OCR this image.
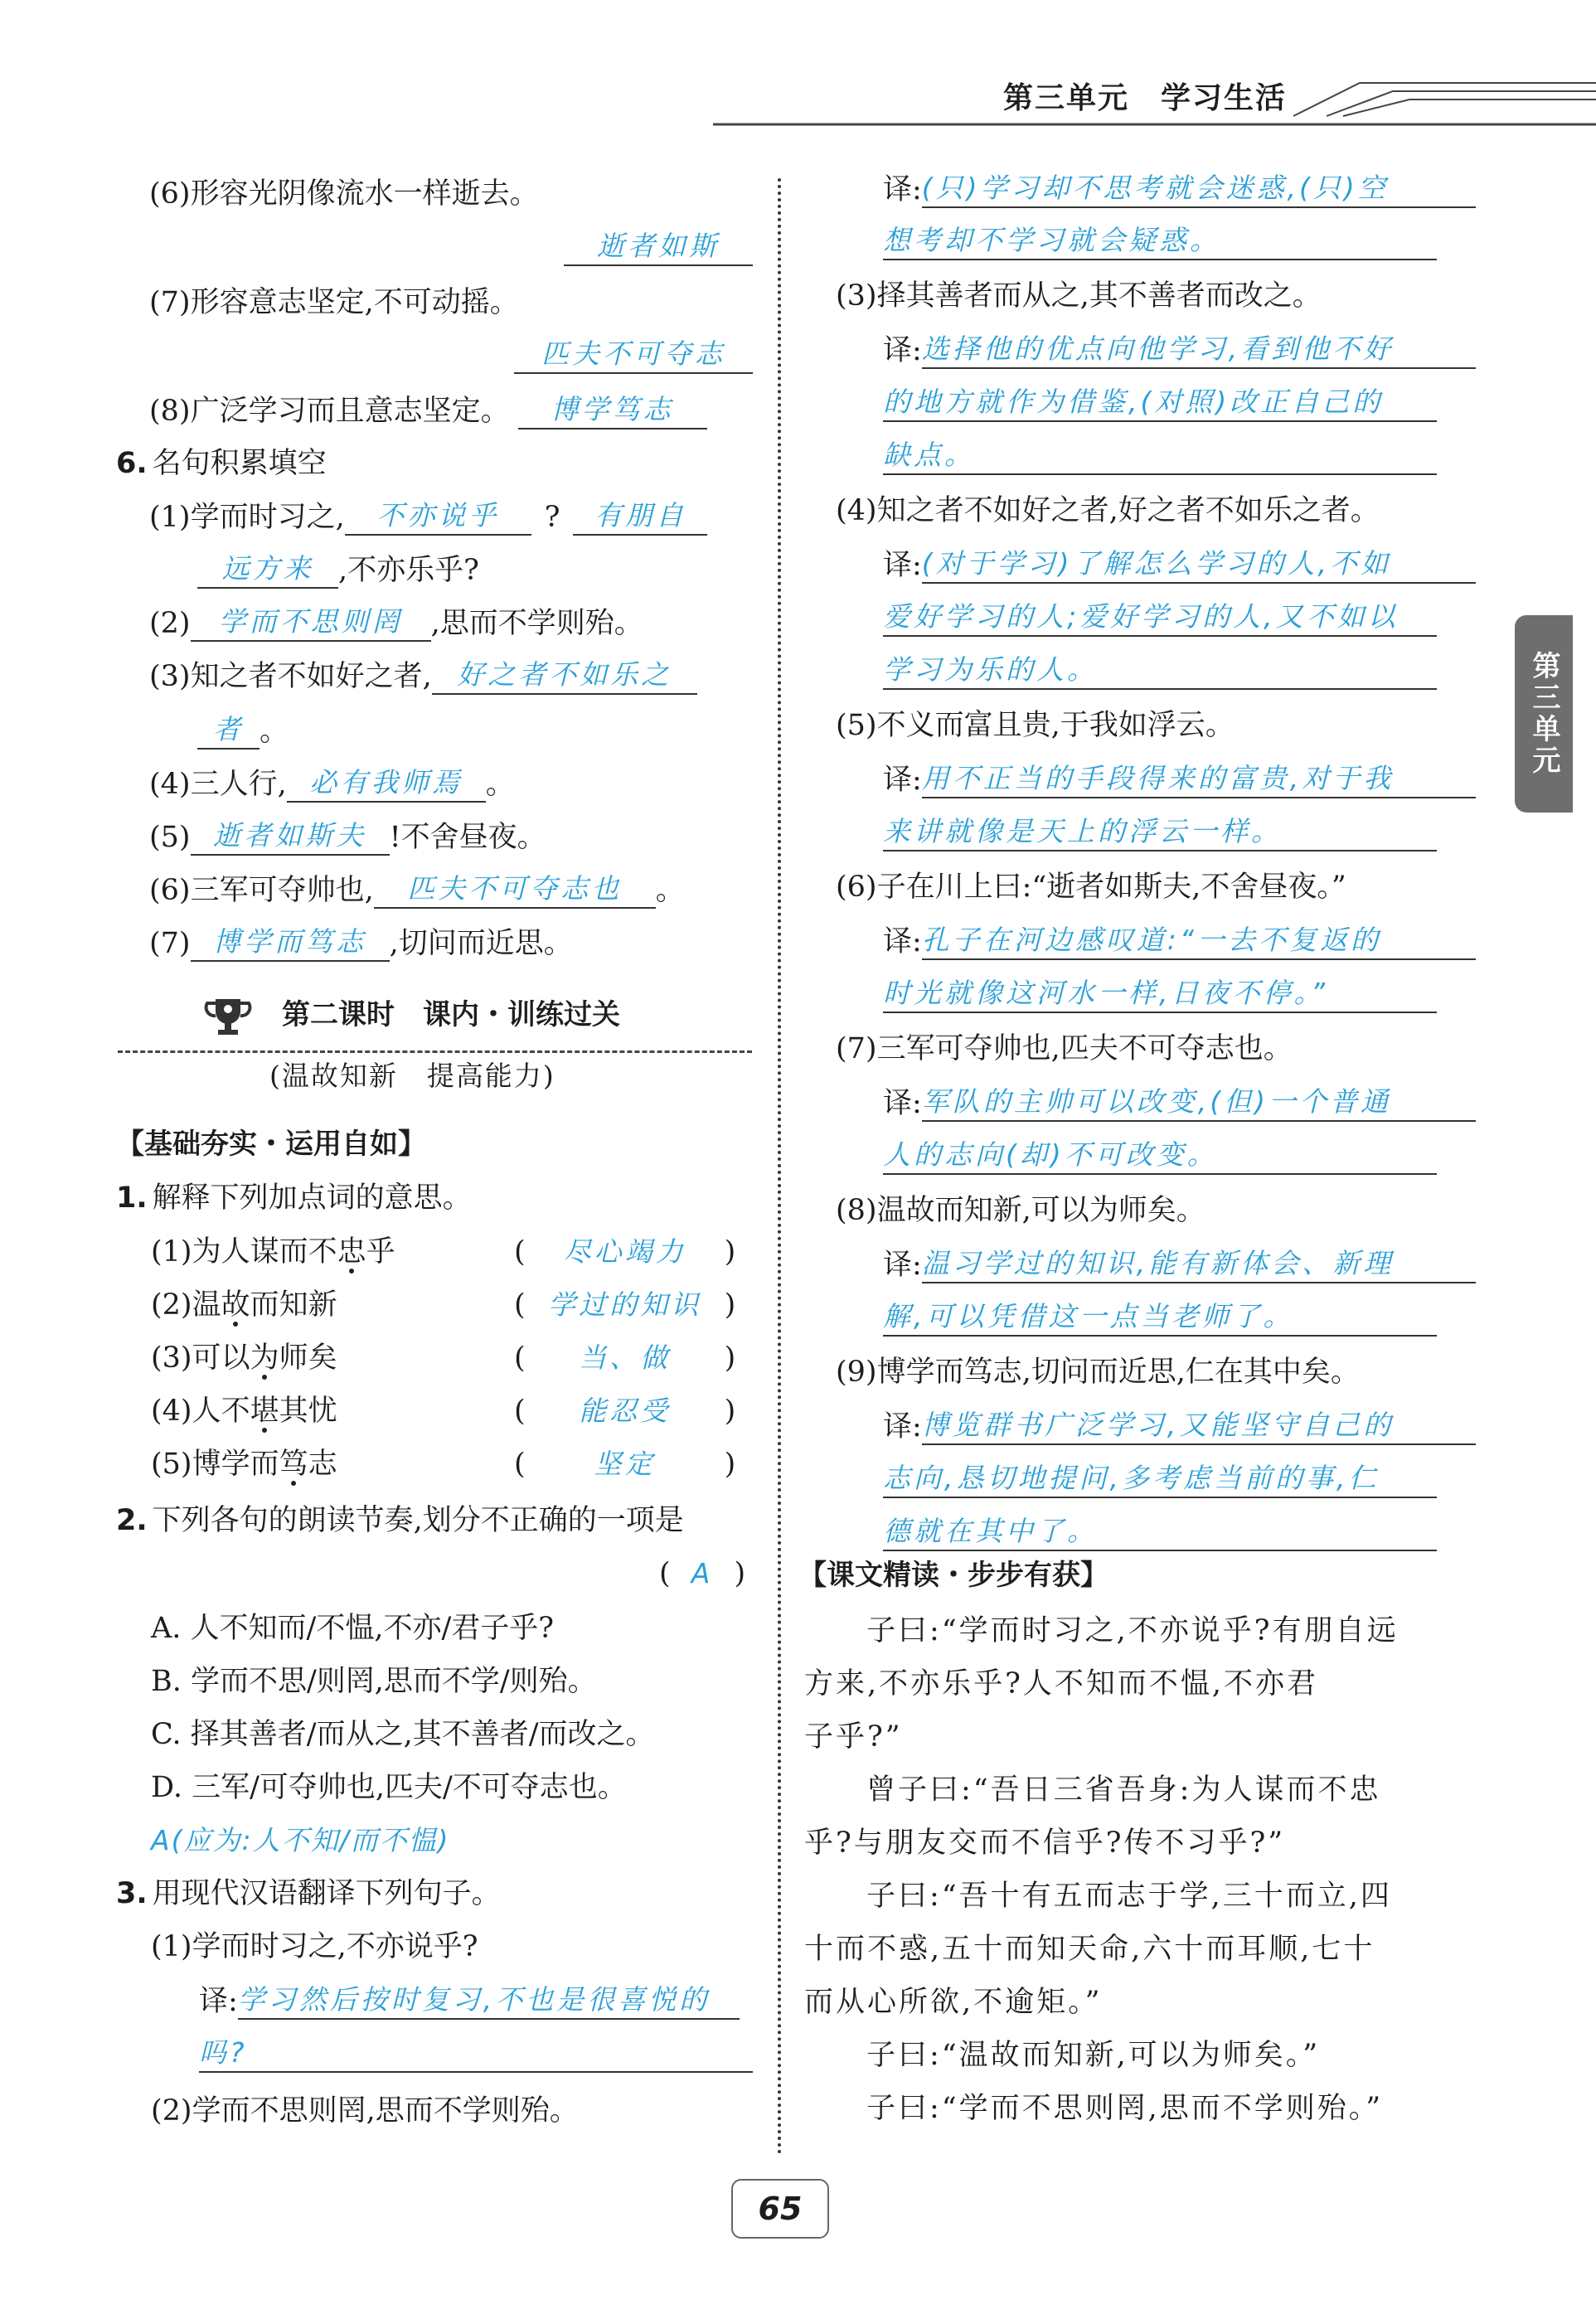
第三单元　学习生活
第三单元
(6)形容光阴像流水一样逝去。
逝者如斯
(7)形容意志坚定,不可动摇。
匹夫不可夺志
(8)广泛学习而且意志坚定。 博学笃志
6. 名句积累填空
(1)学而时习之, 不亦说乎 ? 有朋自
远方来 ,不亦乐乎?
(2) 学而不思则罔 ,思而不学则殆。
(3)知之者不如好之者, 好之者不如乐之
者 。
(4)三人行, 必有我师焉 。
(5) 逝者如斯夫 !不舍昼夜。
(6)三军可夺帅也, 匹夫不可夺志也 。
(7) 博学而笃志 ,切问而近思。
第二课时　课内・训练过关
(温故知新　提高能力)
【基础夯实・运用自如】
1. 解释下列加点词的意思。
(1)为人谋而不忠乎	( 尽心竭力 )
(2)温故而知新	( 学过的知识 )
(3)可以为师矣	( 当、做 )
(4)人不堪其忧	( 能忍受 )
(5)博学而笃志	(	坚定 )
2. 下列各句的朗读节奏,划分不正确的一项是
( A )
A. 人不知而/不愠,不亦/君子乎?
B. 学而不思/则罔,思而不学/则殆。
C. 择其善者/而从之,其不善者/而改之。
D. 三军/可夺帅也,匹夫/不可夺志也。
A(应为:人不知/而不愠)
3. 用现代汉语翻译下列句子。
(1)学而时习之,不亦说乎?
译:学习然后按时复习,不也是很喜悦的
吗?
(2)学而不思则罔,思而不学则殆。
译:(只)学习却不思考就会迷惑,(只)空
想考却不学习就会疑惑。
(3)择其善者而从之,其不善者而改之。
译:选择他的优点向他学习,看到他不好
的地方就作为借鉴,(对照)改正自己的
缺点。
(4)知之者不如好之者,好之者不如乐之者。
译:(对于学习)了解怎么学习的人,不如
爱好学习的人;爱好学习的人,又不如以
学习为乐的人。
(5)不义而富且贵,于我如浮云。
译:用不正当的手段得来的富贵,对于我
来讲就像是天上的浮云一样。
(6)子在川上曰:“逝者如斯夫,不舍昼夜。”
译:孔子在河边感叹道:“一去不复返的
时光就像这河水一样,日夜不停。”
(7)三军可夺帅也,匹夫不可夺志也。
译:军队的主帅可以改变,(但)一个普通
人的志向(却)不可改变。
(8)温故而知新,可以为师矣。
译:温习学过的知识,能有新体会、新理
解,可以凭借这一点当老师了。
(9)博学而笃志,切问而近思,仁在其中矣。
译:博览群书广泛学习,又能坚守自己的
志向,恳切地提问,多考虑当前的事,仁
德就在其中了。
【课文精读・步步有获】
子曰:“学而时习之,不亦说乎?有朋自远
方来,不亦乐乎?人不知而不愠,不亦君
子乎?”
曾子曰:“吾日三省吾身:为人谋而不忠
乎?与朋友交而不信乎?传不习乎?”
子曰:“吾十有五而志于学,三十而立,四
十而不惑,五十而知天命,六十而耳顺,七十
而从心所欲,不逾矩。”
子曰:“温故而知新,可以为师矣。”
子曰:“学而不思则罔,思而不学则殆。”
65
